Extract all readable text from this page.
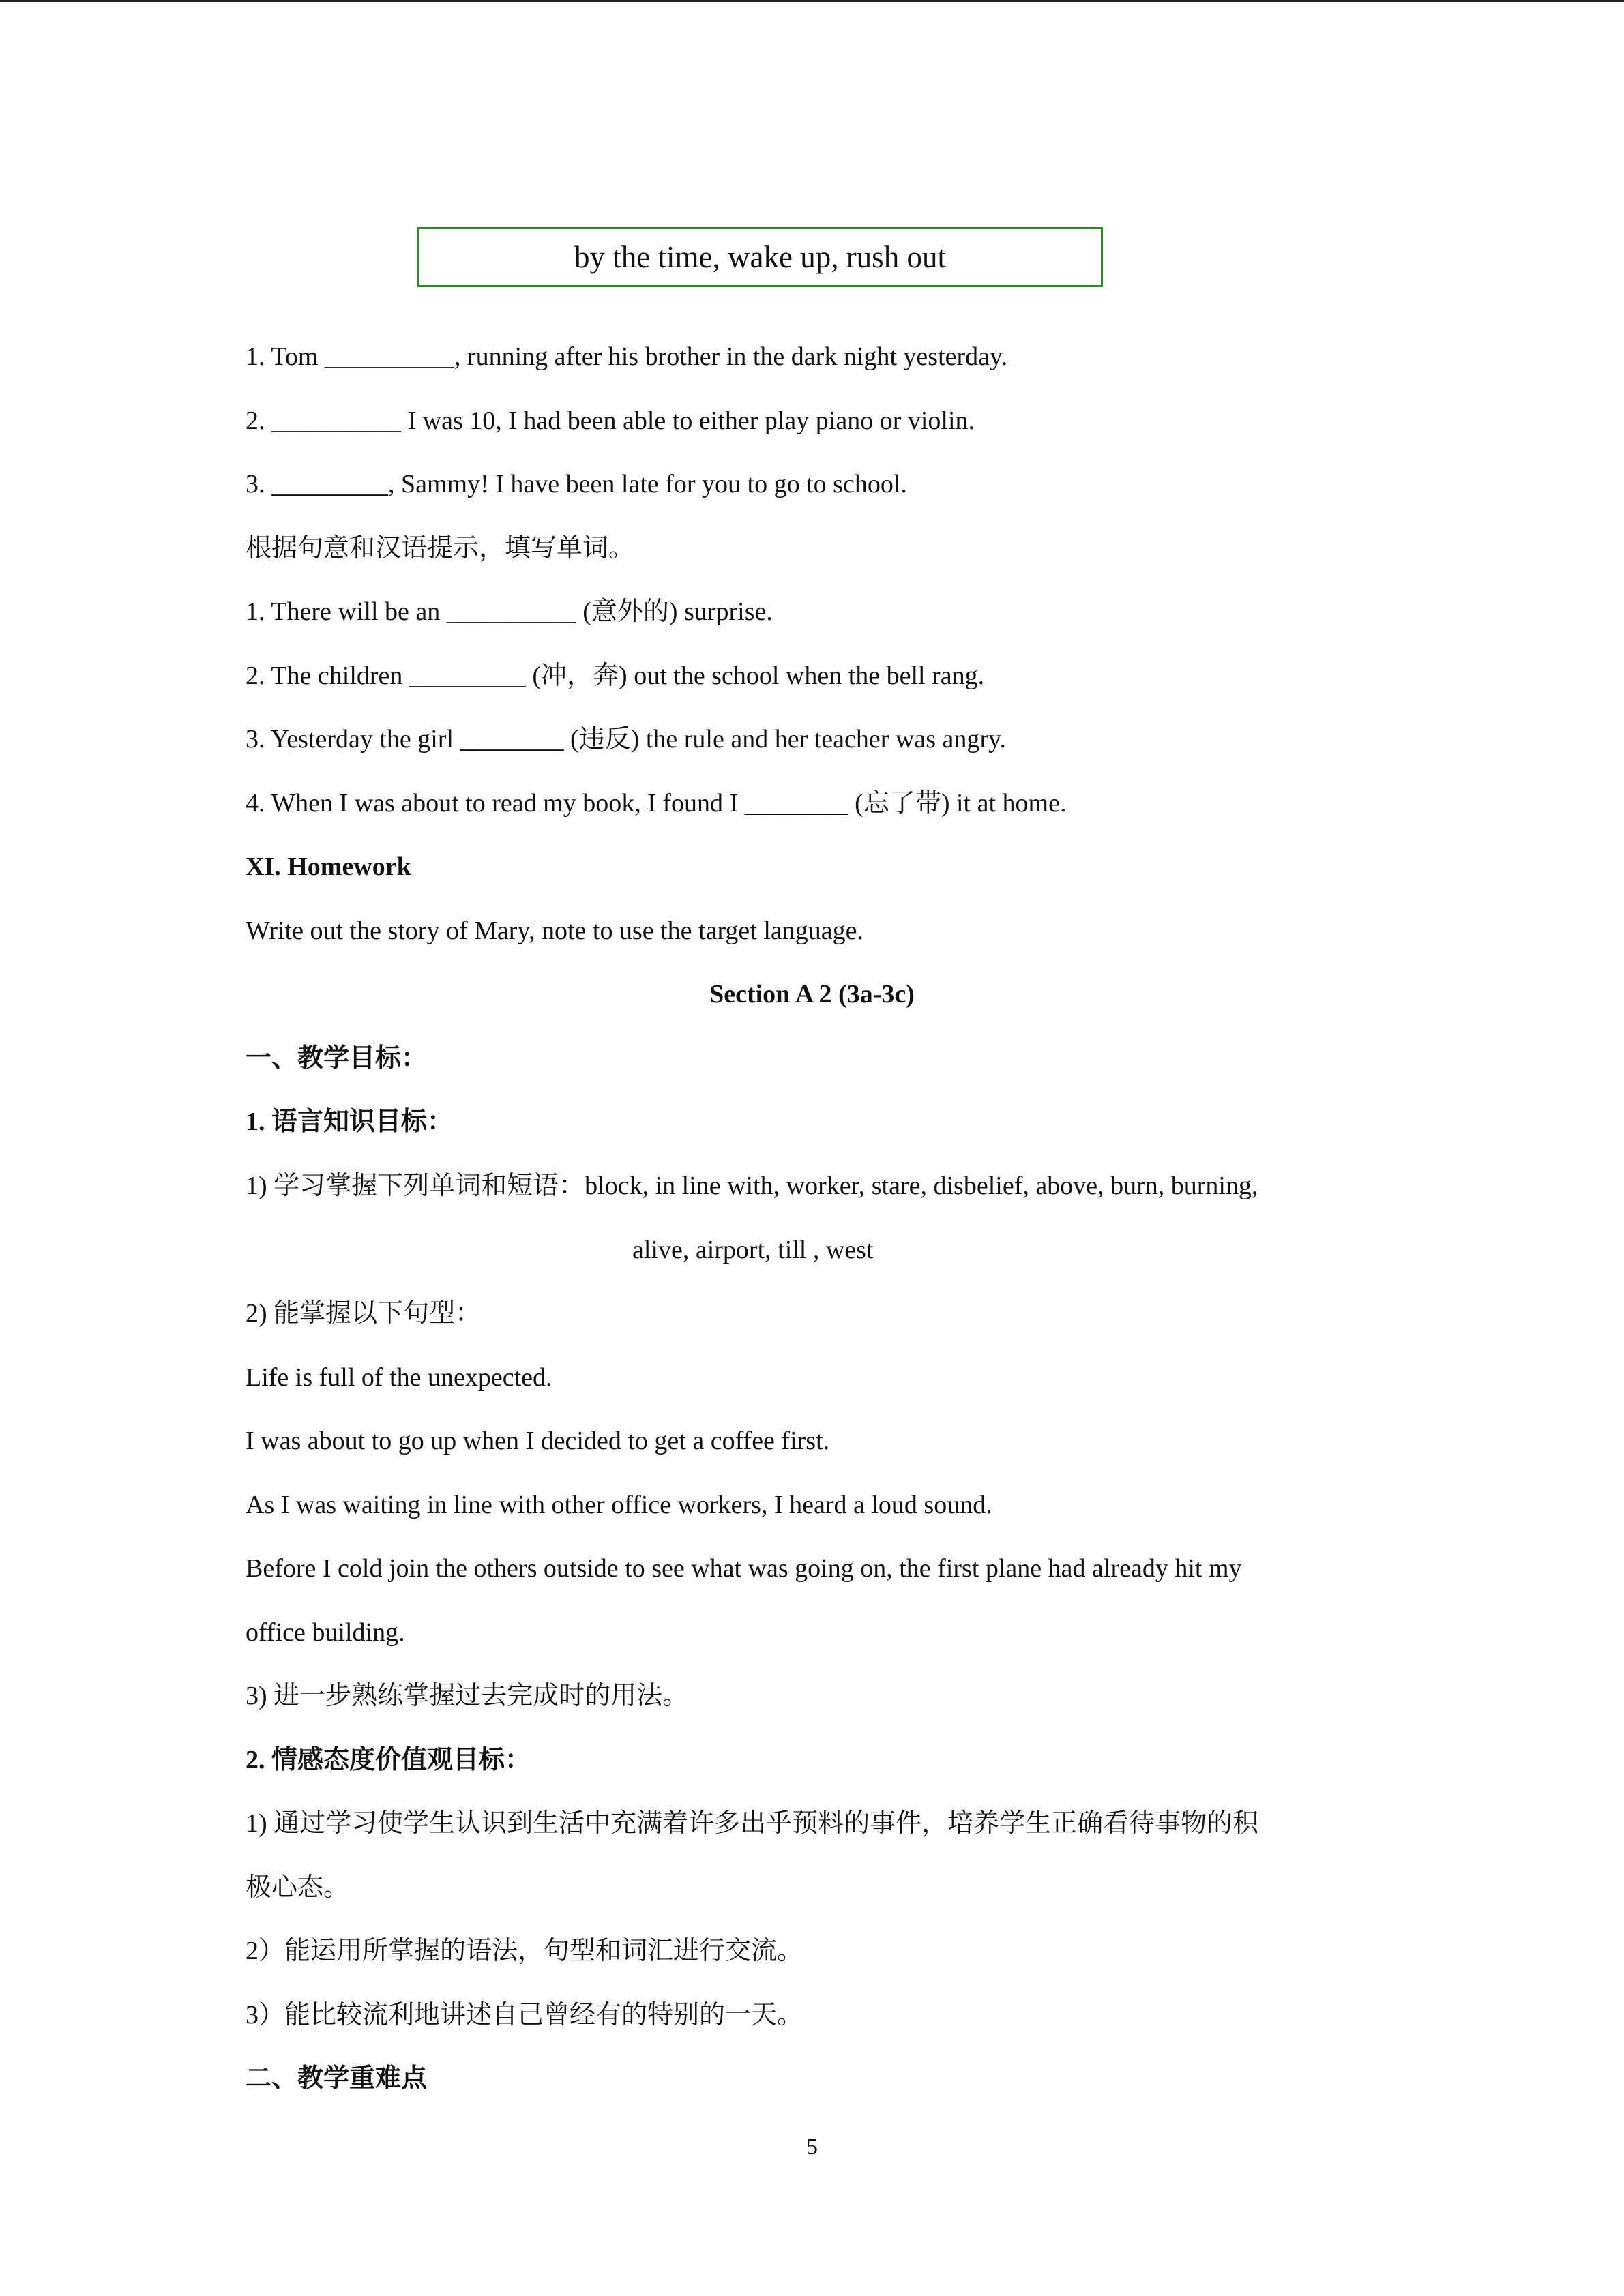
by the time, wake up, rush out
1. Tom __________, running after his brother in the dark night yesterday.
2. __________ I was 10, I had been able to either play piano or violin.
3. _________, Sammy! I have been late for you to go to school.
根据句意和汉语提示，填写单词。
1. There will be an __________ (意外的) surprise.
2. The children _________ (冲，奔) out the school when the bell rang.
3. Yesterday the girl ________ (违反) the rule and her teacher was angry.
4. When I was about to read my book, I found I ________ (忘了带) it at home.
XI. Homework
Write out the story of Mary, note to use the target language.
Section A 2 (3a-3c)
一、教学目标：
1. 语言知识目标：
1) 学习掌握下列单词和短语：block, in line with, worker, stare, disbelief, above, burn, burning,
alive, airport, till , west
2) 能掌握以下句型：
Life is full of the unexpected.
I was about to go up when I decided to get a coffee first.
As I was waiting in line with other office workers, I heard a loud sound.
Before I cold join the others outside to see what was going on, the first plane had already hit my
office building.
3) 进一步熟练掌握过去完成时的用法。
2. 情感态度价值观目标：
1) 通过学习使学生认识到生活中充满着许多出乎预料的事件，培养学生正确看待事物的积
极心态。
2）能运用所掌握的语法，句型和词汇进行交流。
3）能比较流利地讲述自己曾经有的特别的一天。
二、教学重难点
5
